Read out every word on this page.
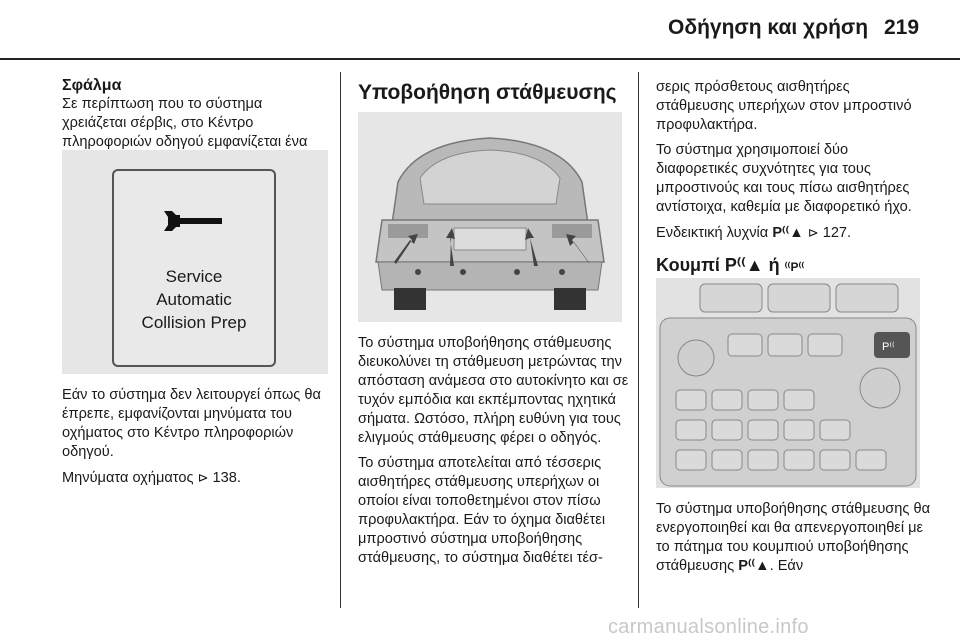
Οδήγηση και χρήση 219
Σφάλμα

Σε περίπτωση που το σύστημα χρειάζεται σέρβις, στο Κέντρο πληροφοριών οδηγού εμφανίζεται ένα

Service
Automatic
Collision Prep

Εάν το σύστημα δεν λειτουργεί όπως θα έπρεπε, εμφανίζονται μηνύματα του οχήματος στο Κέντρο πληροφοριών οδηγού.

Μηνύματα οχήματος ⊳ 138.

Υποβοήθηση στάθμευσης

Το σύστημα υποβοήθησης στάθμευσης διευκολύνει τη στάθμευση μετρώντας την απόσταση ανάμεσα στο αυτοκίνητο και σε τυχόν εμπόδια και εκπέμποντας ηχητικά σήματα. Ωστόσο, πλήρη ευθύνη για τους ελιγμούς στάθμευσης φέρει ο οδηγός.

Το σύστημα αποτελείται από τέσσερις αισθητήρες στάθμευσης υπερήχων οι οποίοι είναι τοποθετημένοι στον πίσω προφυλακτήρα. Εάν το όχημα διαθέτει μπροστινό σύστημα υποβοήθησης στάθμευσης, το σύστημα διαθέτει τέσ-

σερις πρόσθετους αισθητήρες στάθμευσης υπερήχων στον μπροστινό προφυλακτήρα.

Το σύστημα χρησιμοποιεί δύο διαφορετικές συχνότητες για τους μπροστινούς και τους πίσω αισθητήρες αντίστοιχα, καθεμία με διαφορετικό ήχο.

Ενδεικτική λυχνία P⁽⁽▲ ⊳ 127.

Κουμπί P⁽⁽▲ ή ⁽⁽P⁽⁽
P⁽⁽

Το σύστημα υποβοήθησης στάθμευσης θα ενεργοποιηθεί και θα απενεργοποιηθεί με το πάτημα του κουμπιού υποβοήθησης στάθμευσης P⁽⁽▲. Εάν

carmanualsonline.info
